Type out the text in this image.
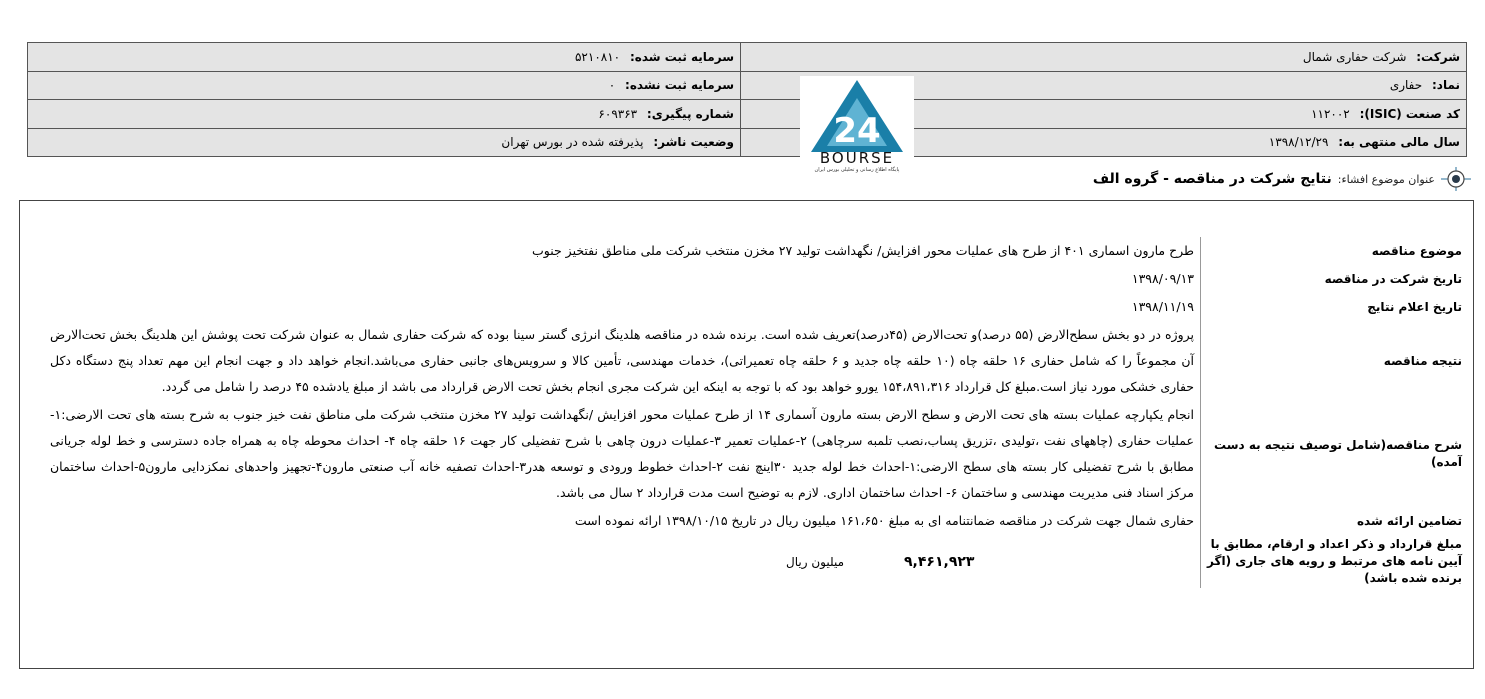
شرکت: شرکت حفاری شمال	سرمایه ثبت شده: ۵۲۱۰۸۱۰
نماد: حفاری	سرمایه ثبت نشده: ۰
کد صنعت (ISIC): ۱۱۲۰۰۲	شماره پیگیری: ۶۰۹۳۶۳
سال مالی منتهی به: ۱۳۹۸/۱۲/۲۹	وضعیت ناشر: پذیرفته شده در بورس تهران	24
BOURSE
پایگاه اطلاع رسانی و تحلیلی بورس ایران
عنوان موضوع افشاء:
نتایج شرکت در مناقصه - گروه الف
موضوع مناقصه	طرح مارون اسماری ۴۰۱ از طرح های عملیات محور افزایش/ نگهداشت تولید ۲۷ مخزن منتخب شرکت ملی مناطق نفتخیز جنوب
تاریخ شرکت در مناقصه	۱۳۹۸/۰۹/۱۳
تاریخ اعلام نتایج	۱۳۹۸/۱۱/۱۹
نتیجه مناقصه	پروژه در دو بخش سطح‌الارض (۵۵ درصد)و تحت‌الارض (۴۵درصد)تعریف شده است. برنده شده در مناقصه هلدینگ انرژی گستر سینا بوده که شرکت حفاری شمال به عنوان شرکت تحت پوشش این هلدینگ بخش تحت‌الارض آن مجموعاً را که شامل حفاری ۱۶ حلقه چاه (۱۰ حلقه چاه جدید و ۶ حلقه چاه تعمیراتی)، خدمات مهندسی، تأمین کالا و سرویس‌های جانبی حفاری می‌باشد.انجام خواهد داد و جهت انجام این مهم تعداد پنج دستگاه دکل حفاری خشکی مورد نیاز است.مبلغ کل قرارداد ۱۵۴،۸۹۱،۳۱۶ یورو خواهد بود که با توجه به اینکه این شرکت مجری انجام بخش تحت الارض قرارداد می باشد از مبلغ یادشده ۴۵ درصد را شامل می گردد.
شرح مناقصه(شامل توصیف نتیجه به دست آمده)	انجام یکپارچه عملیات بسته های تحت الارض و سطح الارض بسته مارون آسماری ۱۴ از طرح عملیات محور افزایش /نگهداشت تولید ۲۷ مخزن منتخب شرکت ملی مناطق نفت خیز جنوب به شرح بسته های تحت الارضی:۱- عملیات حفاری (چاههای نفت ،تولیدی ،تزریق پساب،نصب تلمبه سرچاهی) ۲-عملیات تعمیر ۳-عملیات درون چاهی با شرح تفضیلی کار جهت ۱۶ حلقه چاه ۴- احداث محوطه چاه به همراه جاده دسترسی و خط لوله جریانی مطابق با شرح تفضیلی کار بسته های سطح الارضی:۱-احداث خط لوله جدید ۳۰اینچ نفت ۲-احداث خطوط ورودی و توسعه هدر۳-احداث تصفیه خانه آب صنعتی مارون۴-تجهیز واحدهای نمکزدایی مارون۵-احداث ساختمان مرکز اسناد فنی مدیریت مهندسی و ساختمان ۶- احداث ساختمان اداری. لازم به توضیح است مدت قرارداد ۲ سال می باشد.
تضامین ارائه شده	حفاری شمال جهت شرکت در مناقصه ضمانتنامه ای به مبلغ ۱۶۱،۶۵۰ میلیون ریال در تاریخ ۱۳۹۸/۱۰/۱۵ ارائه نموده است
مبلغ قرارداد و ذکر اعداد و ارقام، مطابق با آیین نامه های مرتبط و رویه های جاری (اگر برنده شده باشد)	۹,۴۶۱,۹۲۳
میلیون ریال
